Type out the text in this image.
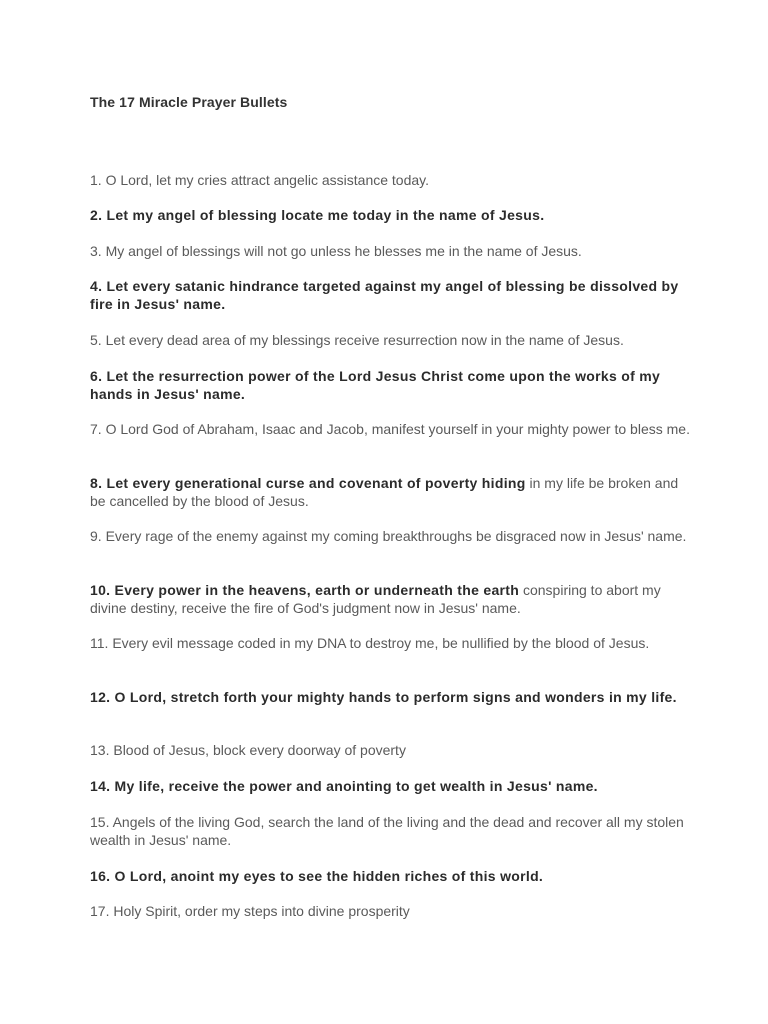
The 17 Miracle Prayer Bullets

1. O Lord, let my cries attract angelic assistance today.

2. Let my angel of blessing locate me today in the name of Jesus.

3. My angel of blessings will not go unless he blesses me in the name of Jesus.

4. Let every satanic hindrance targeted against my angel of blessing be dissolved by fire in Jesus' name.

5. Let every dead area of my blessings receive resurrection now in the name of Jesus.

6. Let the resurrection power of the Lord Jesus Christ come upon the works of my hands in Jesus' name.

7. O Lord God of Abraham, Isaac and Jacob, manifest yourself in your mighty power to bless me.

8. Let every generational curse and covenant of poverty hiding in my life be broken and be cancelled by the blood of Jesus.

9. Every rage of the enemy against my coming breakthroughs be disgraced now in Jesus' name.

10. Every power in the heavens, earth or underneath the earth conspiring to abort my divine destiny, receive the fire of God's judgment now in Jesus' name.

11. Every evil message coded in my DNA to destroy me, be nullified by the blood of Jesus.

12. O Lord, stretch forth your mighty hands to perform signs and wonders in my life.

13. Blood of Jesus, block every doorway of poverty

14. My life, receive the power and anointing to get wealth in Jesus' name.

15. Angels of the living God, search the land of the living and the dead and recover all my stolen wealth in Jesus' name.

16. O Lord, anoint my eyes to see the hidden riches of this world.

17. Holy Spirit, order my steps into divine prosperity
